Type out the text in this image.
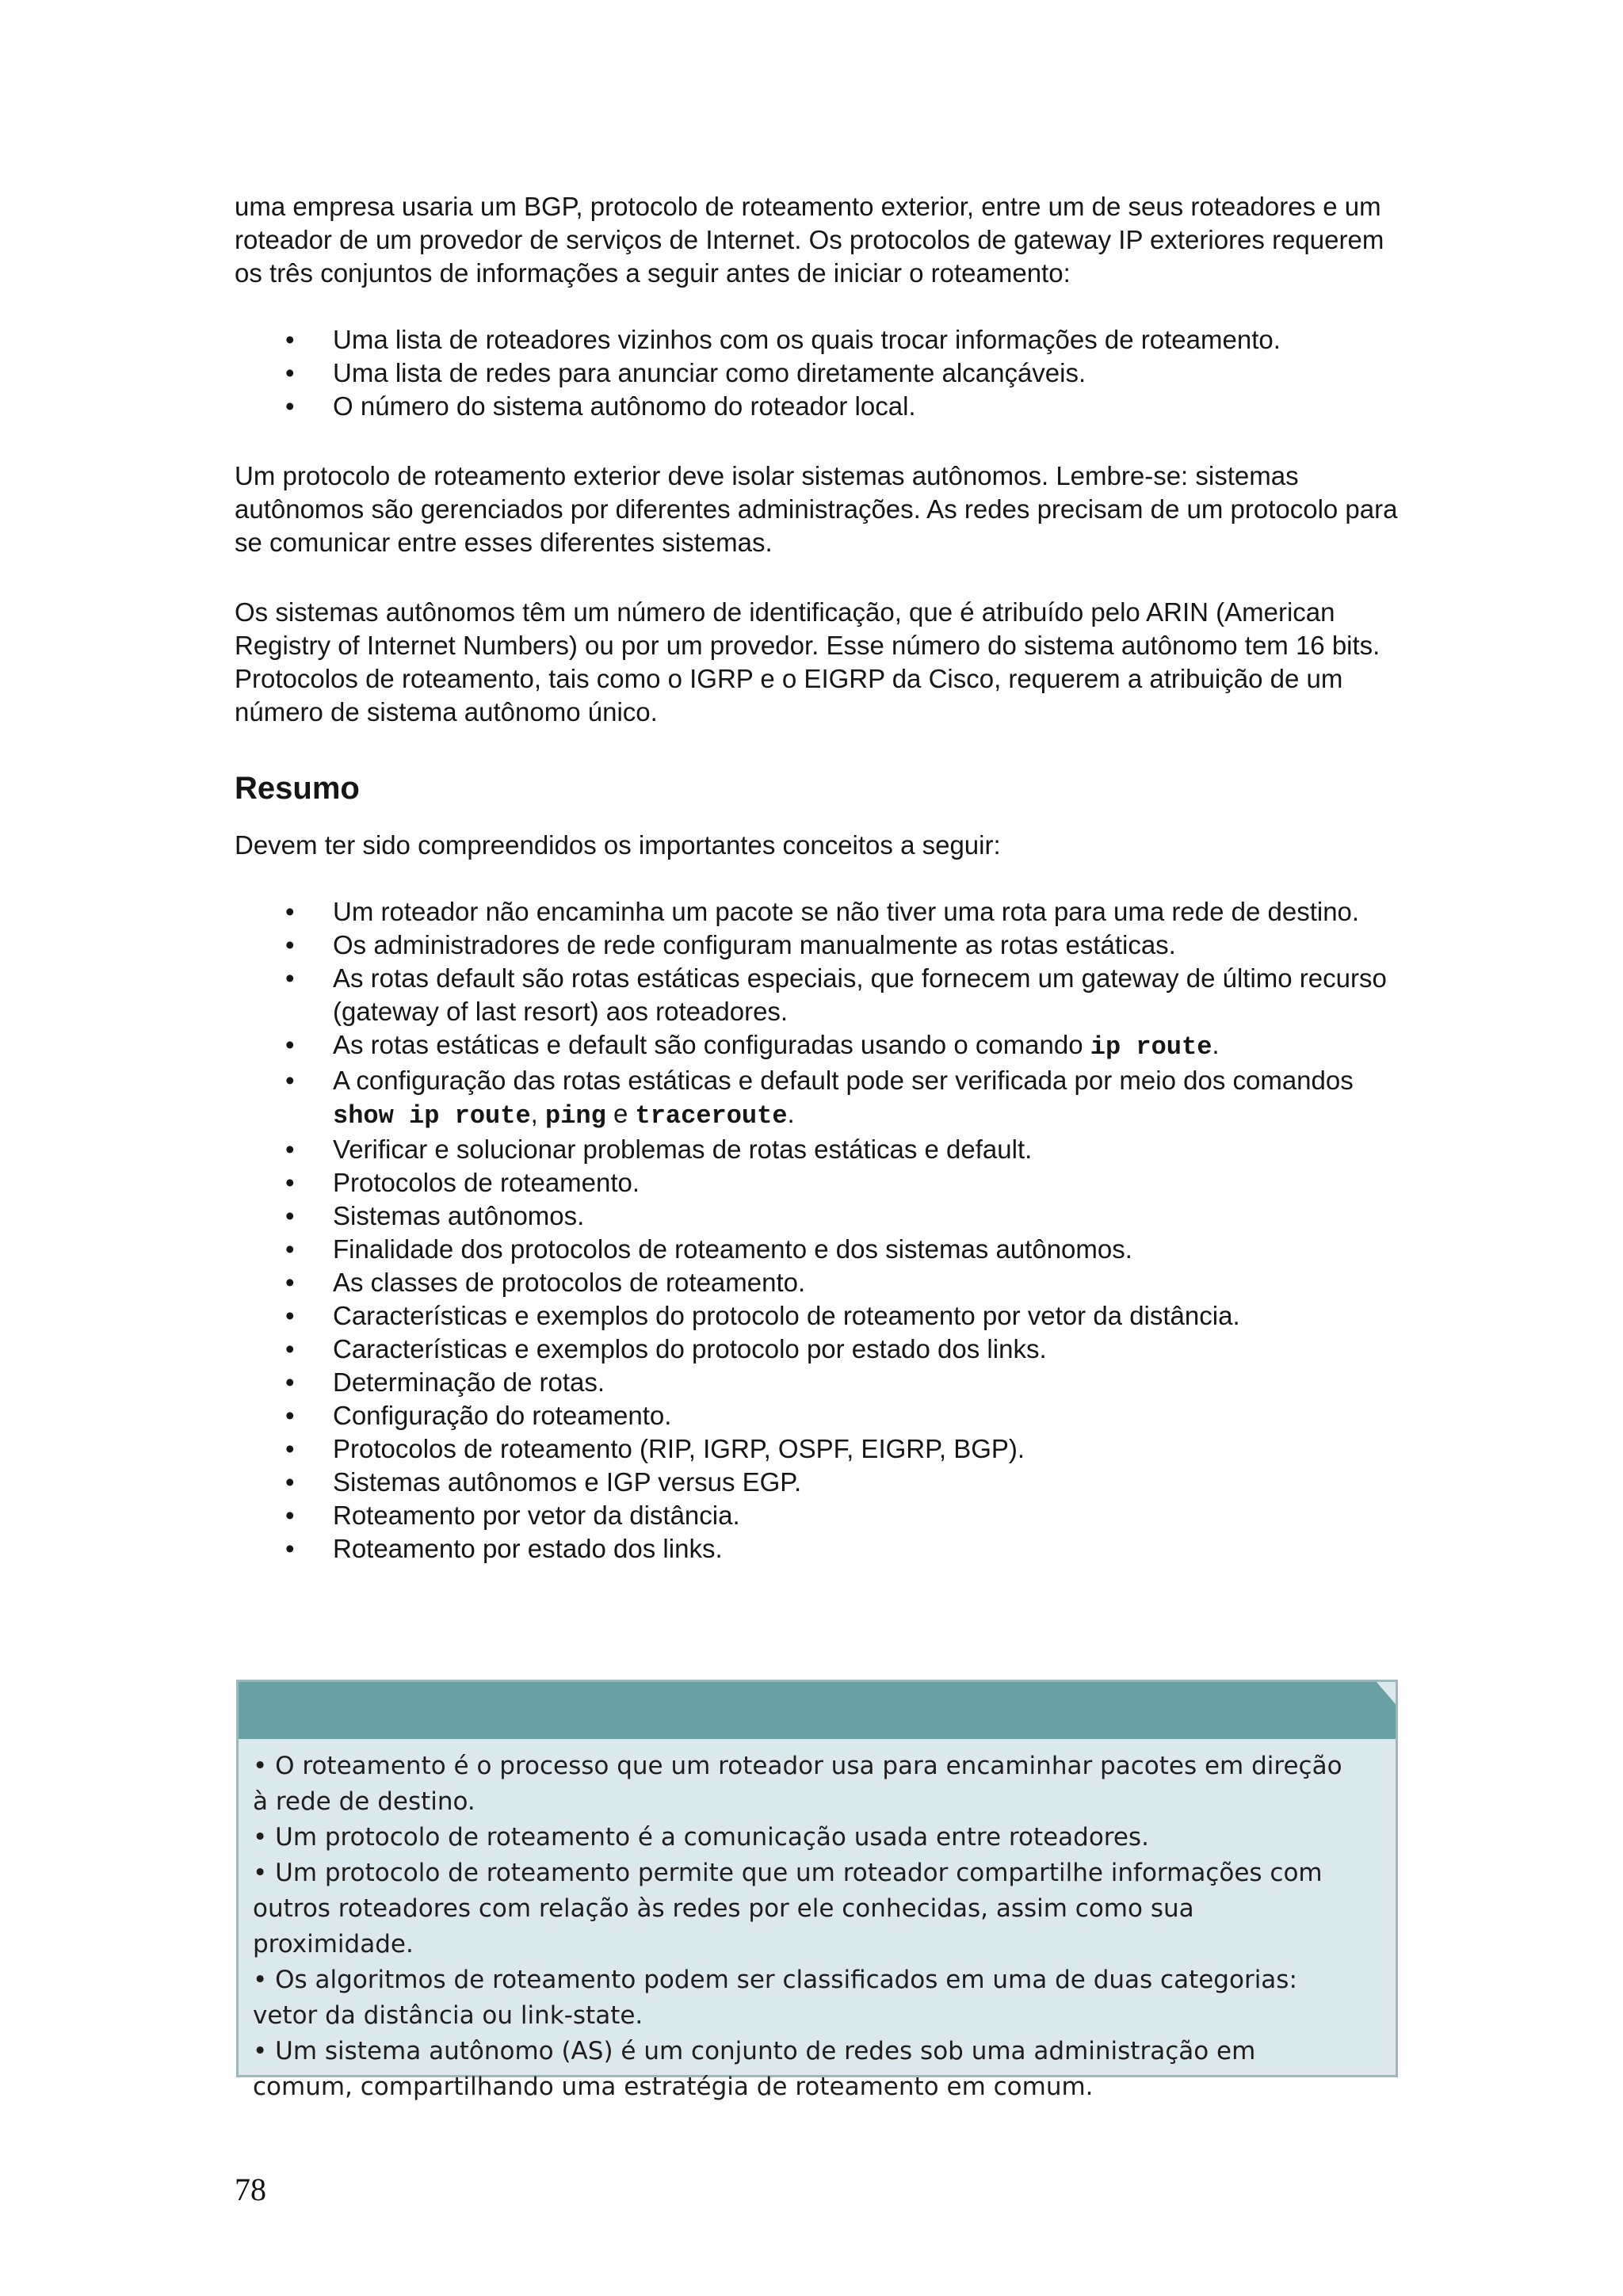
uma empresa usaria um BGP, protocolo de roteamento exterior, entre um de seus roteadores e um roteador de um provedor de serviços de Internet. Os protocolos de gateway IP exteriores requerem os três conjuntos de informações a seguir antes de iniciar o roteamento:

• Uma lista de roteadores vizinhos com os quais trocar informações de roteamento.
• Uma lista de redes para anunciar como diretamente alcançáveis.
• O número do sistema autônomo do roteador local.

Um protocolo de roteamento exterior deve isolar sistemas autônomos. Lembre-se: sistemas autônomos são gerenciados por diferentes administrações. As redes precisam de um protocolo para se comunicar entre esses diferentes sistemas.

Os sistemas autônomos têm um número de identificação, que é atribuído pelo ARIN (American Registry of Internet Numbers) ou por um provedor. Esse número do sistema autônomo tem 16 bits. Protocolos de roteamento, tais como o IGRP e o EIGRP da Cisco, requerem a atribuição de um número de sistema autônomo único.

Resumo

Devem ter sido compreendidos os importantes conceitos a seguir:

• Um roteador não encaminha um pacote se não tiver uma rota para uma rede de destino.
• Os administradores de rede configuram manualmente as rotas estáticas.
• As rotas default são rotas estáticas especiais, que fornecem um gateway de último recurso (gateway of last resort) aos roteadores.
• As rotas estáticas e default são configuradas usando o comando ip route.
• A configuração das rotas estáticas e default pode ser verificada por meio dos comandos show ip route, ping e traceroute.
• Verificar e solucionar problemas de rotas estáticas e default.
• Protocolos de roteamento.
• Sistemas autônomos.
• Finalidade dos protocolos de roteamento e dos sistemas autônomos.
• As classes de protocolos de roteamento.
• Características e exemplos do protocolo de roteamento por vetor da distância.
• Características e exemplos do protocolo por estado dos links.
• Determinação de rotas.
• Configuração do roteamento.
• Protocolos de roteamento (RIP, IGRP, OSPF, EIGRP, BGP).
• Sistemas autônomos e IGP versus EGP.
• Roteamento por vetor da distância.
• Roteamento por estado dos links.
• O roteamento é o processo que um roteador usa para encaminhar pacotes em direção à rede de destino.
• Um protocolo de roteamento é a comunicação usada entre roteadores.
• Um protocolo de roteamento permite que um roteador compartilhe informações com outros roteadores com relação às redes por ele conhecidas, assim como sua proximidade.
• Os algoritmos de roteamento podem ser classificados em uma de duas categorias: vetor da distância ou link-state.
• Um sistema autônomo (AS) é um conjunto de redes sob uma administração em comum, compartilhando uma estratégia de roteamento em comum.
78
